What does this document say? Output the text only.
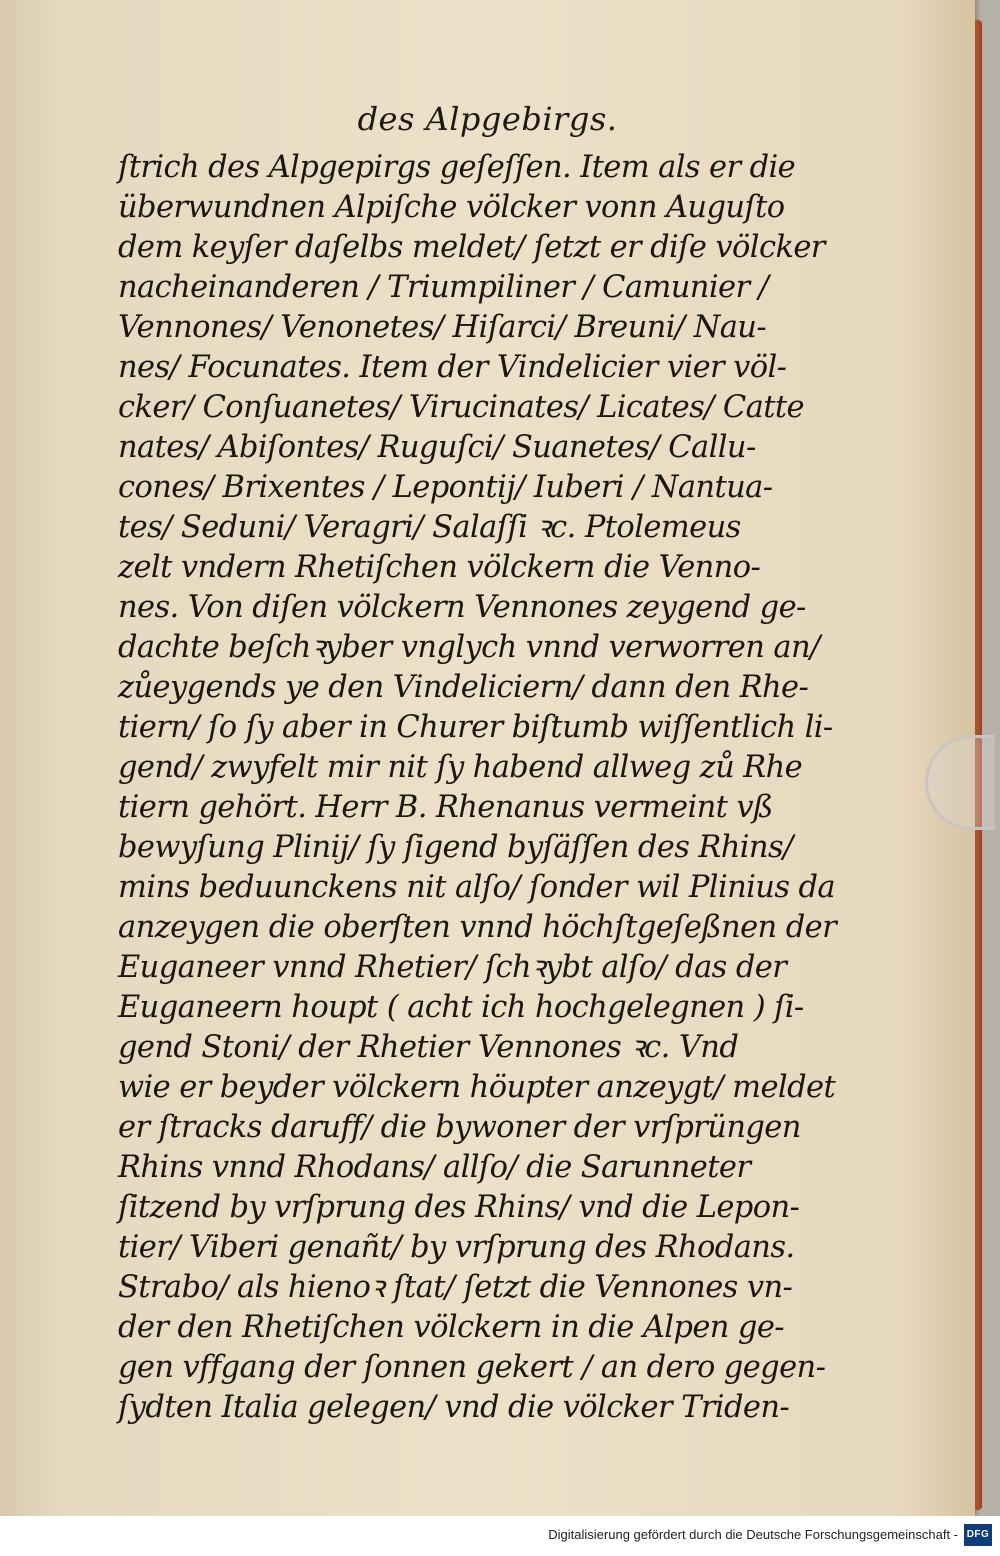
des Alpgebirgs.
ſtrich des Alpgepirgs geſeſſen. Item als er die
überwundnen Alpiſche völcker vonn Auguſto
dem keyſer daſelbs meldet/ ſetzt er diſe völcker
nacheinanderen / Triumpiliner / Camunier /
Vennones/ Venonetes/ Hiſarci/ Breuni/ Nau-
nes/ Focunates. Item der Vindelicier vier völ-
cker/ Conſuanetes/ Virucinates/ Licates/ Catte
nates/ Abiſontes/ Ruguſci/ Suanetes/ Callu-
cones/ Brixentes / Lepontij/ Iuberi / Nantua-
tes/ Seduni/ Veragri/ Salaſſi ꝛc. Ptolemeus
zelt vndern Rhetiſchen völckern die Venno-
nes. Von diſen völckern Vennones zeygend ge-
dachte beſchꝛyber vnglych vnnd verworren an/
zůeygends ye den Vindeliciern/ dann den Rhe-
tiern/ ſo ſy aber in Churer biſtumb wiſſentlich li-
gend/ zwyfelt mir nit ſy habend allweg zů Rhe
tiern gehört. Herr B. Rhenanus vermeint vß
bewyſung Plinij/ ſy ſigend byſäſſen des Rhins/
mins beduunckens nit alſo/ ſonder wil Plinius da
anzeygen die oberſten vnnd höchſtgeſeßnen der
Euganeer vnnd Rhetier/ ſchꝛybt alſo/ das der
Euganeern houpt ( acht ich hochgelegnen ) ſi-
gend Stoni/ der Rhetier Vennones ꝛc. Vnd
wie er beyder völckern höupter anzeygt/ meldet
er ſtracks daruff/ die bywoner der vrſprüngen
Rhins vnnd Rhodans/ allſo/ die Sarunneter
ſitzend by vrſprung des Rhins/ vnd die Lepon-
tier/ Viberi genañt/ by vrſprung des Rhodans.
Strabo/ als hienoꝛ ſtat/ ſetzt die Vennones vn-
der den Rhetiſchen völckern in die Alpen ge-
gen vffgang der ſonnen gekert / an dero gegen-
ſydten Italia gelegen/ vnd die völcker Triden-
Digitalisierung gefördert durch die Deutsche Forschungsgemeinschaft - DFG
